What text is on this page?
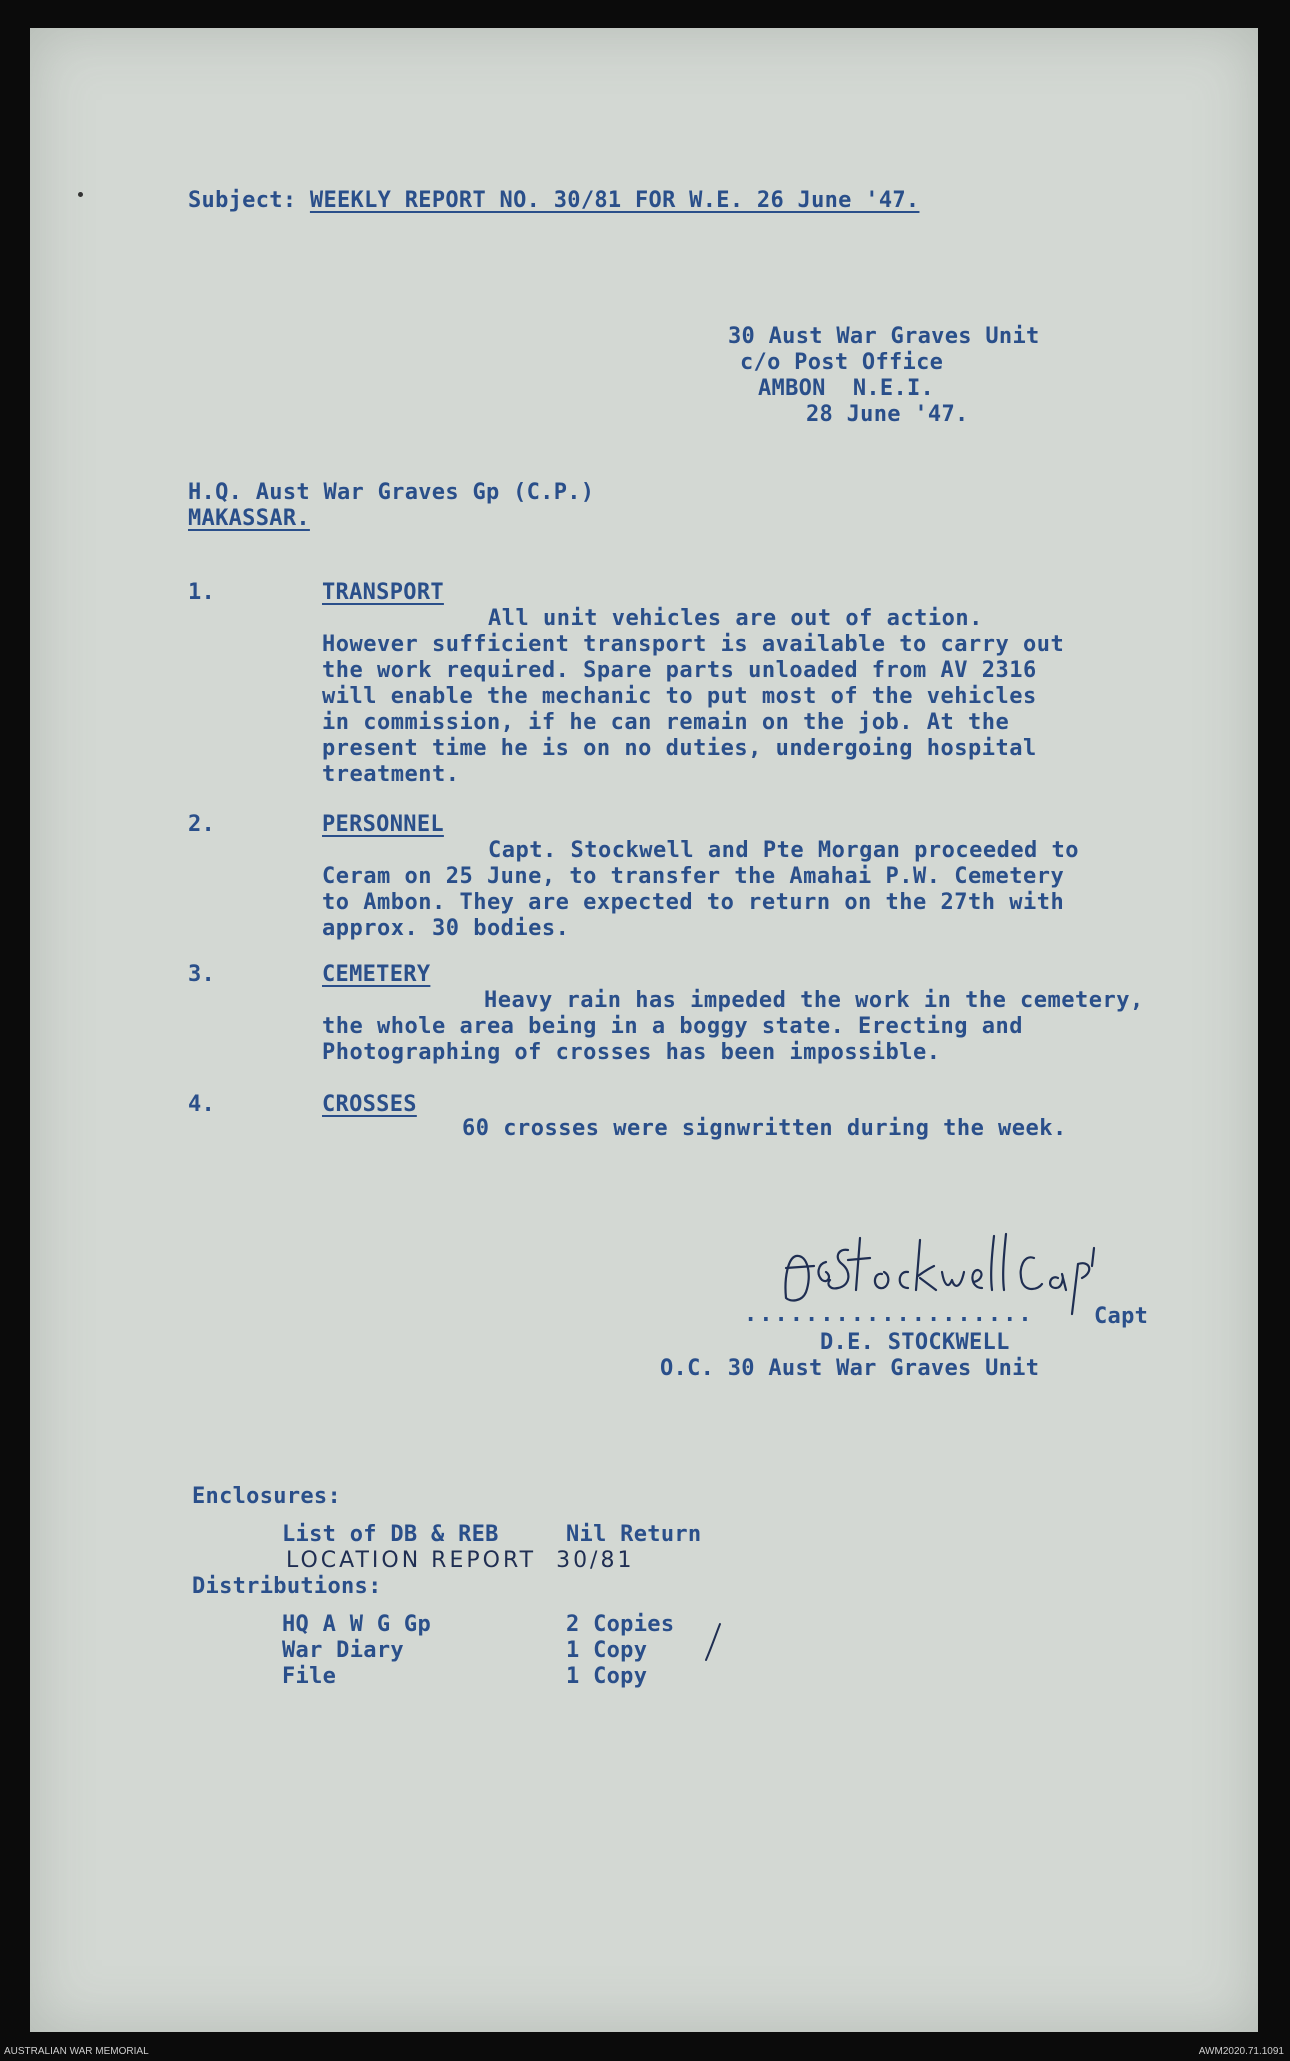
Subject: WEEKLY REPORT NO. 30/81 FOR W.E. 26 June '47.
30 Aust War Graves Unit
c/o Post Office
AMBON  N.E.I.
28 June '47.
H.Q. Aust War Graves Gp (C.P.)
MAKASSAR.
1.	TRANSPORT
All unit vehicles are out of action.
However sufficient transport is available to carry out
the work required. Spare parts unloaded from AV 2316
will enable the mechanic to put most of the vehicles
in commission, if he can remain on the job. At the
present time he is on no duties, undergoing hospital
treatment.
2.	PERSONNEL
Capt. Stockwell and Pte Morgan proceeded to
Ceram on 25 June, to transfer the Amahai P.W. Cemetery
to Ambon. They are expected to return on the 27th with
approx. 30 bodies.
3.	CEMETERY
Heavy rain has impeded the work in the cemetery,
the whole area being in a boggy state. Erecting and
Photographing of crosses has been impossible.
4.	CROSSES
60 crosses were signwritten during the week.
...................	Capt
D.E. STOCKWELL
O.C. 30 Aust War Graves Unit
Enclosures:
List of DB & REB	Nil Return
LOCATION REPORT  30/81
Distributions:
HQ A W G Gp	2 Copies
War Diary	1 Copy
File	1 Copy
AUSTRALIAN WAR MEMORIAL	AWM2020.71.1091
